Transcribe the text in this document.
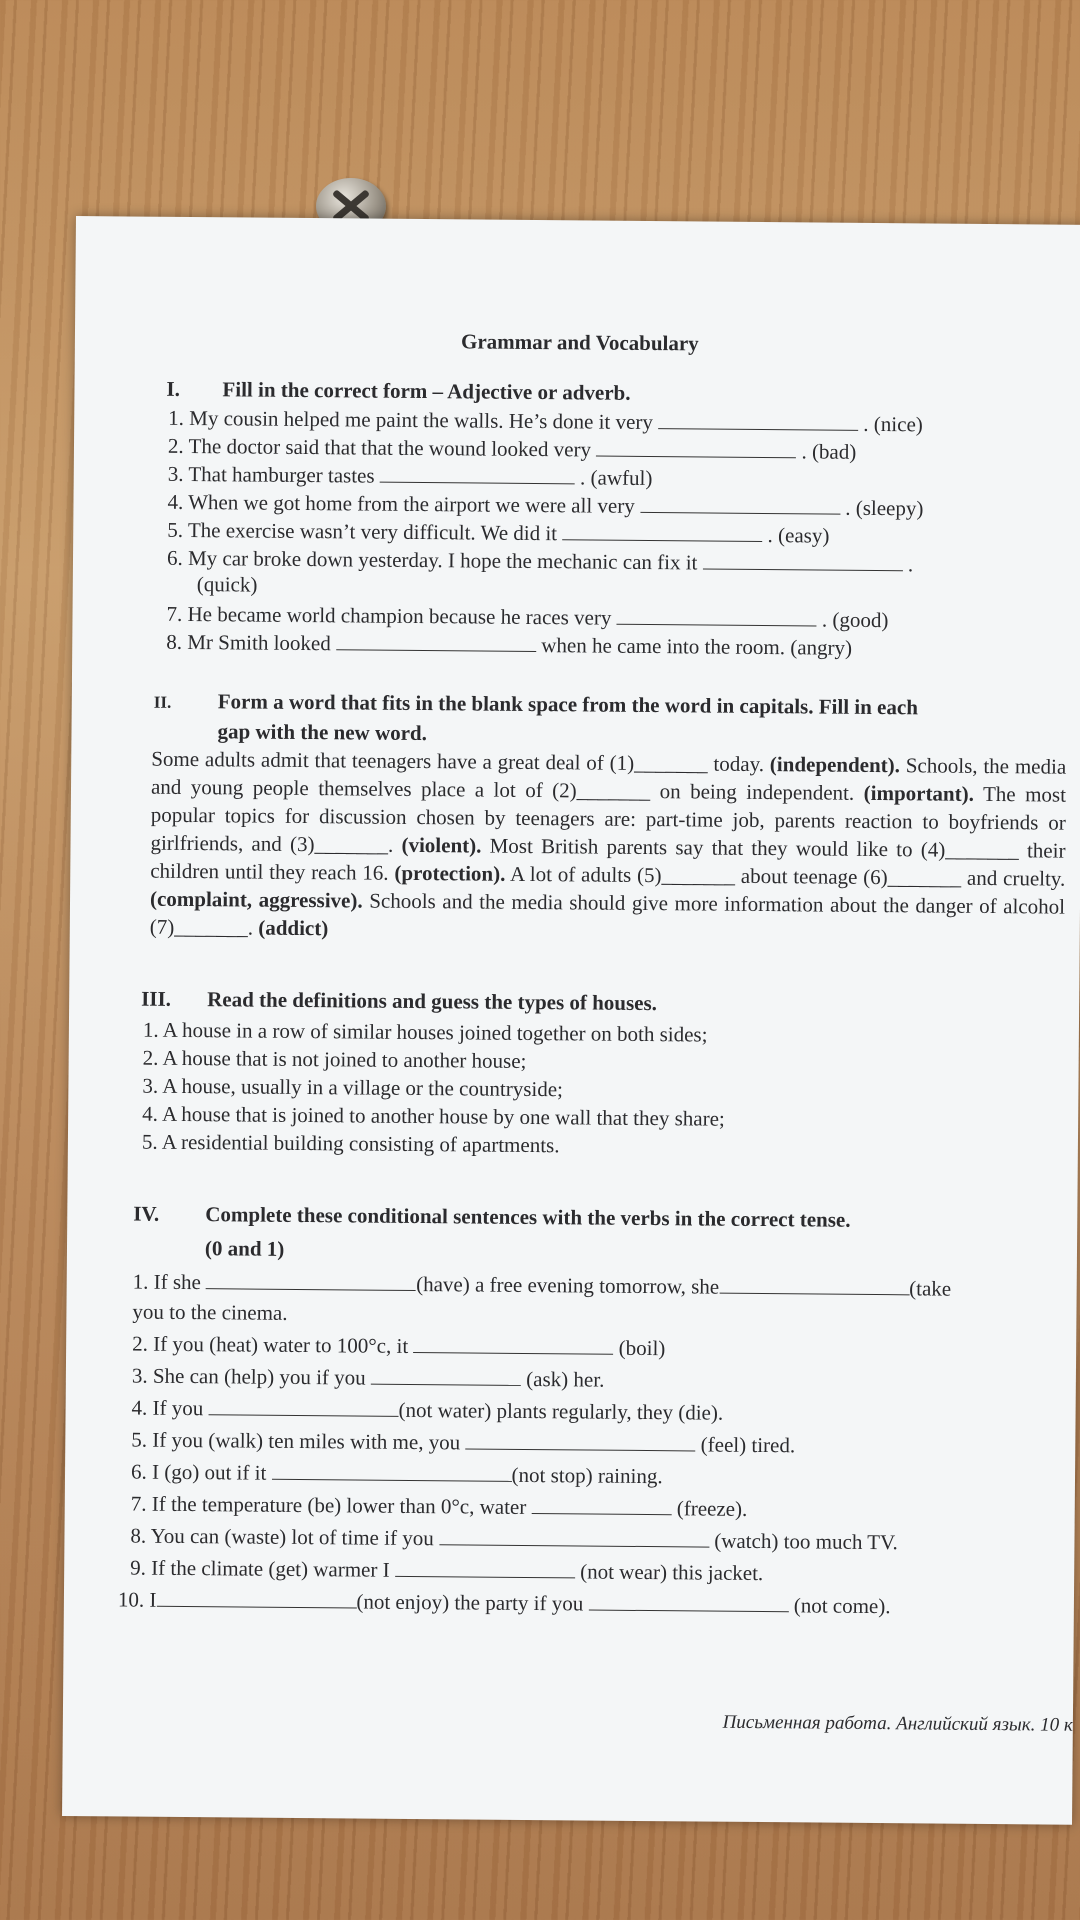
Grammar and Vocabulary
I. Fill in the correct form – Adjective or adverb.
1. My cousin helped me paint the walls. He’s done it very	. (nice)
2. The doctor said that that the wound looked very	. (bad)
3. That hamburger tastes	. (awful)
4. When we got home from the airport we were all very	. (sleepy)
5. The exercise wasn’t very difficult. We did it	. (easy)
6. My car broke down yesterday. I hope the mechanic can fix it	.
(quick)
7. He became world champion because he races very	. (good)
8. Mr Smith looked	when he came into the room. (angry)
II. Form a word that fits in the blank space from the word in capitals. Fill in each
gap with the new word.
Some adults admit that teenagers have a great deal of (1)_______ today. (independent). Schools, the media and young people themselves place a lot of (2)_______ on being independent. (important). The most popular topics for discussion chosen by teenagers are: part-time job, parents reaction to boyfriends or girlfriends, and (3)_______. (violent). Most British parents say that they would like to (4)_______ their children until they reach 16. (protection). A lot of adults (5)_______ about teenage (6)_______ and cruelty. (complaint, aggressive). Schools and the media should give more information about the danger of alcohol (7)_______. (addict)
III. Read the definitions and guess the types of houses.
1. A house in a row of similar houses joined together on both sides;
2. A house that is not joined to another house;
3. A house, usually in a village or the countryside;
4. A house that is joined to another house by one wall that they share;
5. A residential building consisting of apartments.
IV. Complete these conditional sentences with the verbs in the correct tense.
(0 and 1)
1. If she	(have) a free evening tomorrow, she	(take
you to the cinema.
2. If you (heat) water to 100°c, it	(boil)
3. She can (help) you if you	(ask) her.
4. If you	(not water) plants regularly, they (die).
5. If you (walk) ten miles with me, you	(feel) tired.
6. I (go) out if it	(not stop) raining.
7. If the temperature (be) lower than 0°c, water	(freeze).
8. You can (waste) lot of time if you	(watch) too much TV.
9. If the climate (get) warmer I	(not wear) this jacket.
10. I	(not enjoy) the party if you	(not come).
Письменная работа. Английский язык. 10 к
